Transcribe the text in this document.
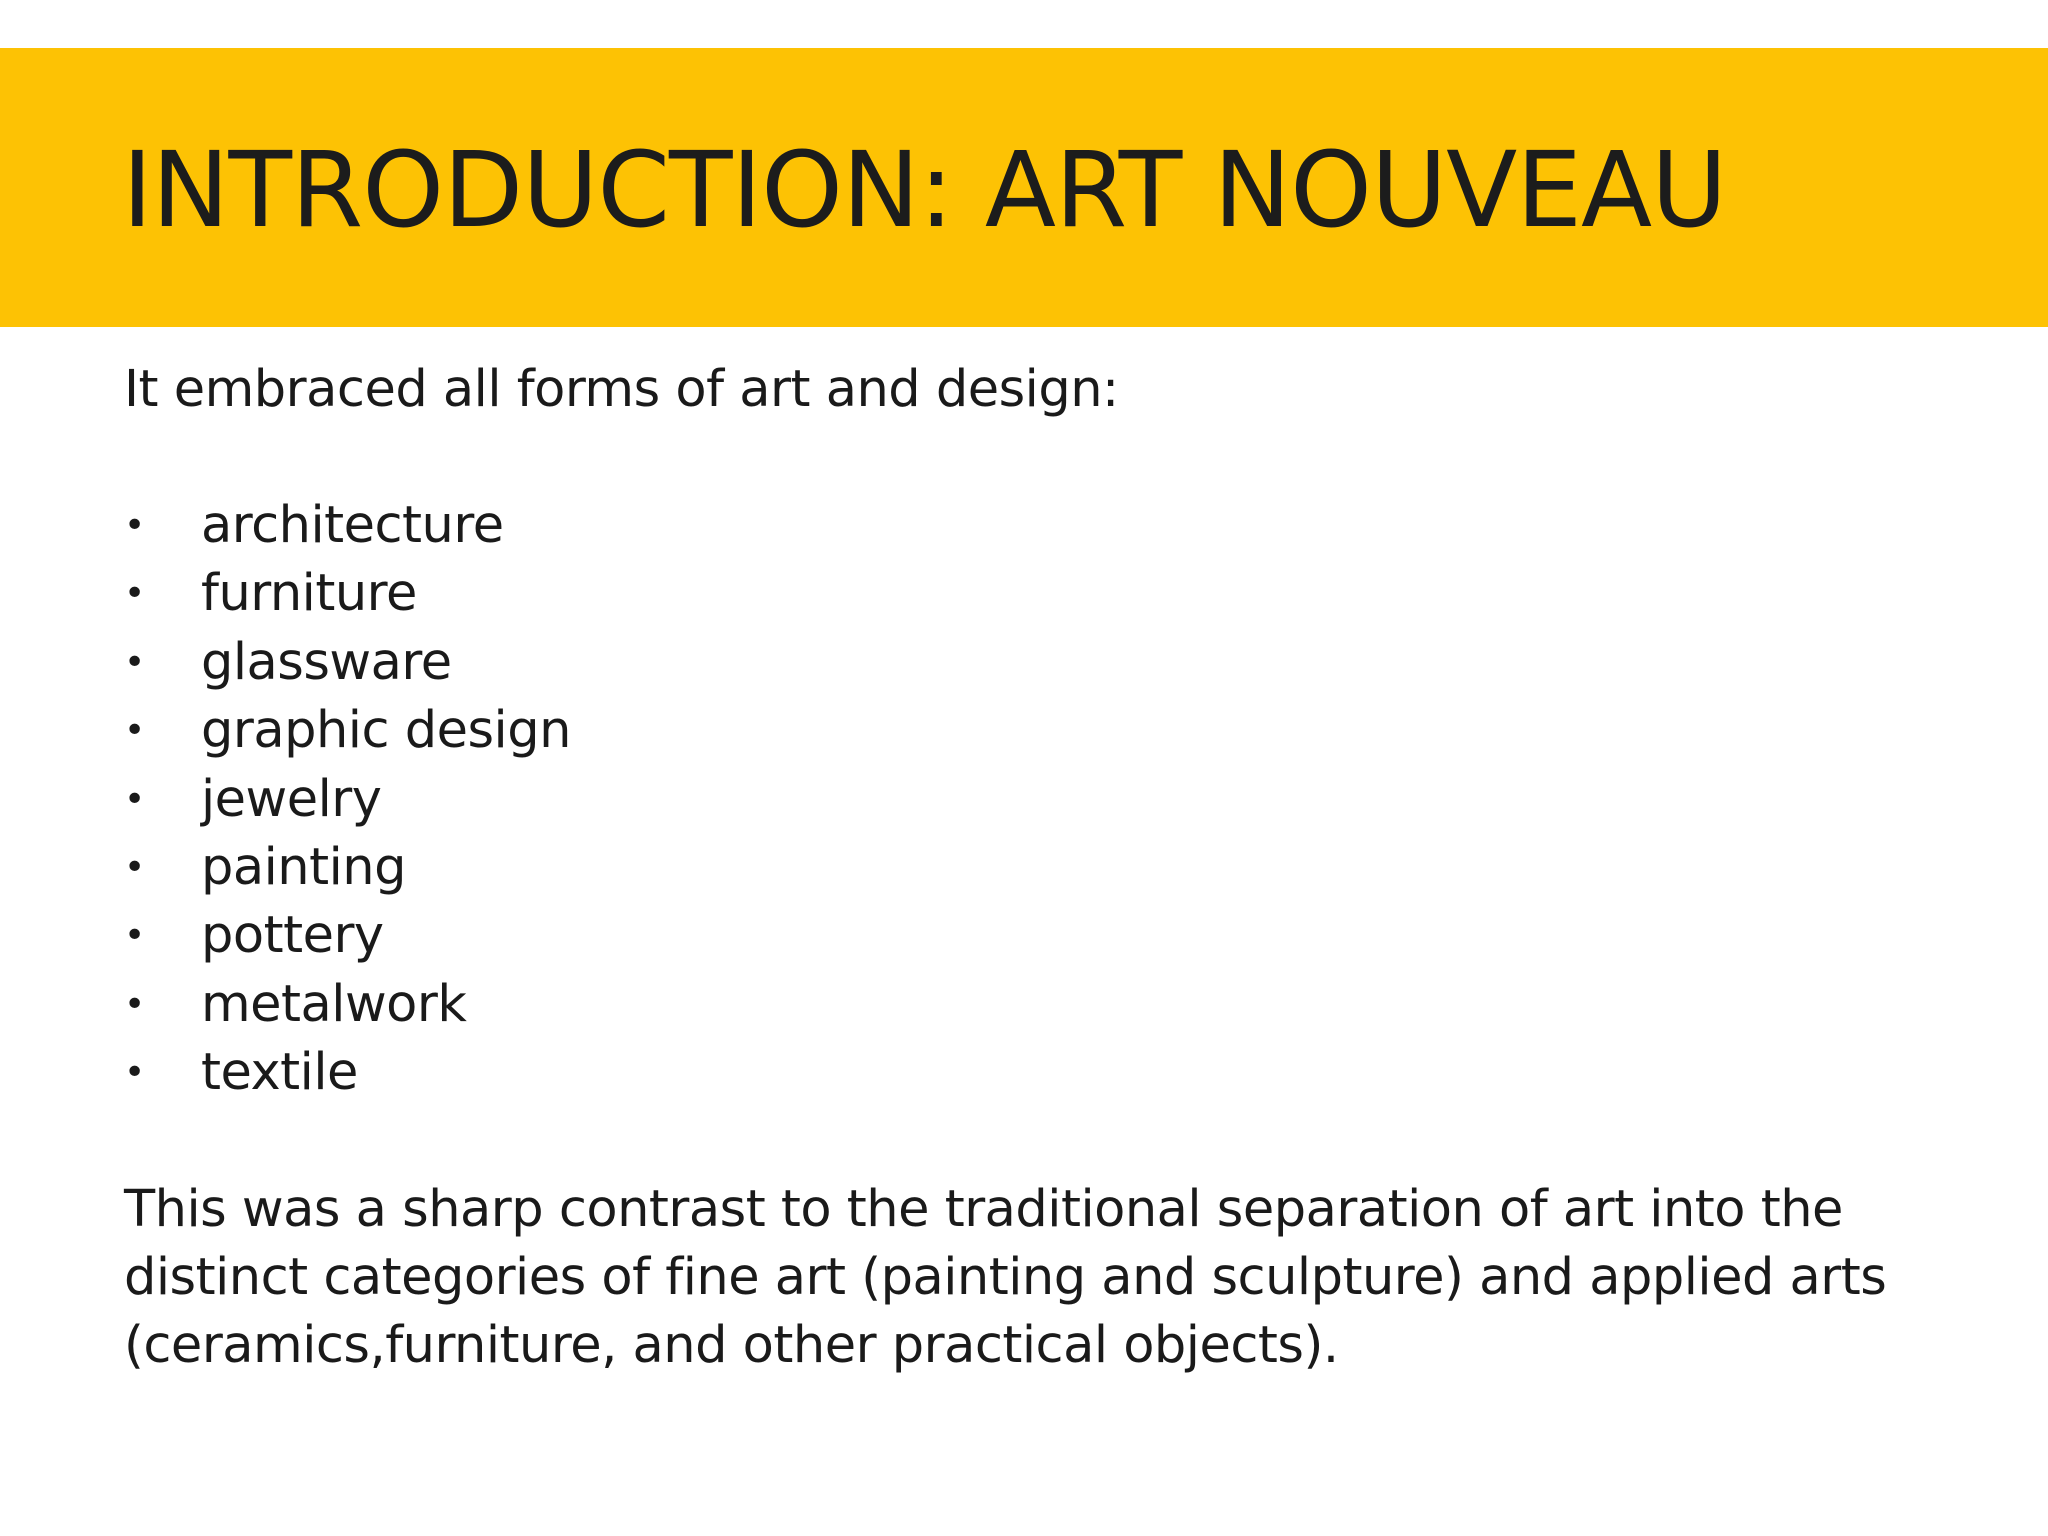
INTRODUCTION: ART NOUVEAU

It embraced all forms of art and design:

• architecture
• furniture
• glassware
• graphic design
• jewelry
• painting
• pottery
• metalwork
• textile

This was a sharp contrast to the traditional separation of art into the distinct categories of fine art (painting and sculpture) and applied arts (ceramics,furniture, and other practical objects).
